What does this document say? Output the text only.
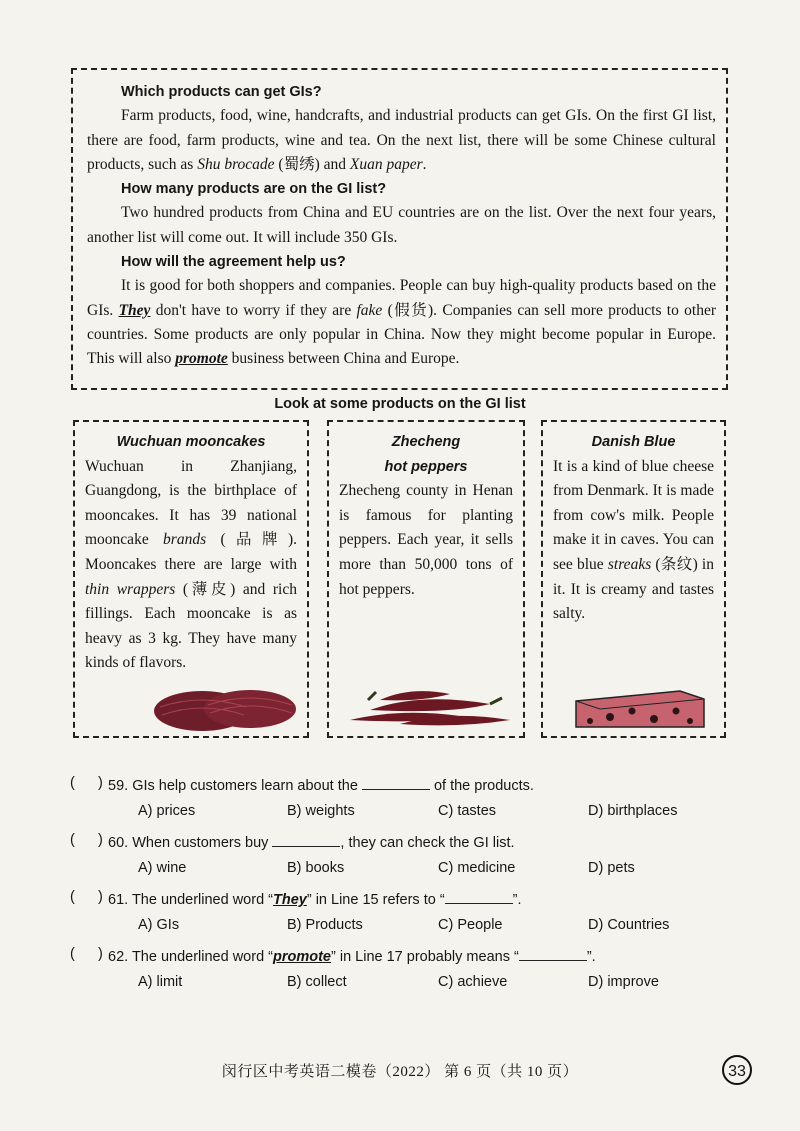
Which products can get GIs?
Farm products, food, wine, handcrafts, and industrial products can get GIs. On the first GI list, there are food, farm products, wine and tea. On the next list, there will be some Chinese cultural products, such as Shu brocade (蜀绣) and Xuan paper.
How many products are on the GI list?
Two hundred products from China and EU countries are on the list. Over the next four years, another list will come out. It will include 350 GIs.
How will the agreement help us?
It is good for both shoppers and companies. People can buy high-quality products based on the GIs. They don't have to worry if they are fake (假货). Companies can sell more products to other countries. Some products are only popular in China. Now they might become popular in Europe. This will also promote business between China and Europe.
Look at some products on the GI list
Wuchuan mooncakes
Wuchuan in Zhanjiang, Guangdong, is the birthplace of mooncakes. It has 39 national mooncake brands (品牌). Mooncakes there are large with thin wrappers (薄皮) and rich fillings. Each mooncake is as heavy as 3 kg. They have many kinds of flavors.
Zhecheng
hot peppers
Zhecheng county in Henan is famous for planting peppers. Each year, it sells more than 50,000 tons of hot peppers.
Danish Blue
It is a kind of blue cheese from Denmark. It is made from cow's milk. People make it in caves. You can see blue streaks (条纹) in it. It is creamy and tastes salty.
( ) 59. GIs help customers learn about the	of the products.
A) prices	B) weights	C) tastes	D) birthplaces
( ) 60. When customers buy	, they can check the GI list.
A) wine	B) books	C) medicine	D) pets
( ) 61. The underlined word “They” in Line 15 refers to “	”.
A) GIs	B) Products	C) People	D) Countries
( ) 62. The underlined word “promote” in Line 17 probably means “	”.
A) limit	B) collect	C) achieve	D) improve
闵行区中考英语二模卷（2022） 第 6 页（共 10 页）	33
